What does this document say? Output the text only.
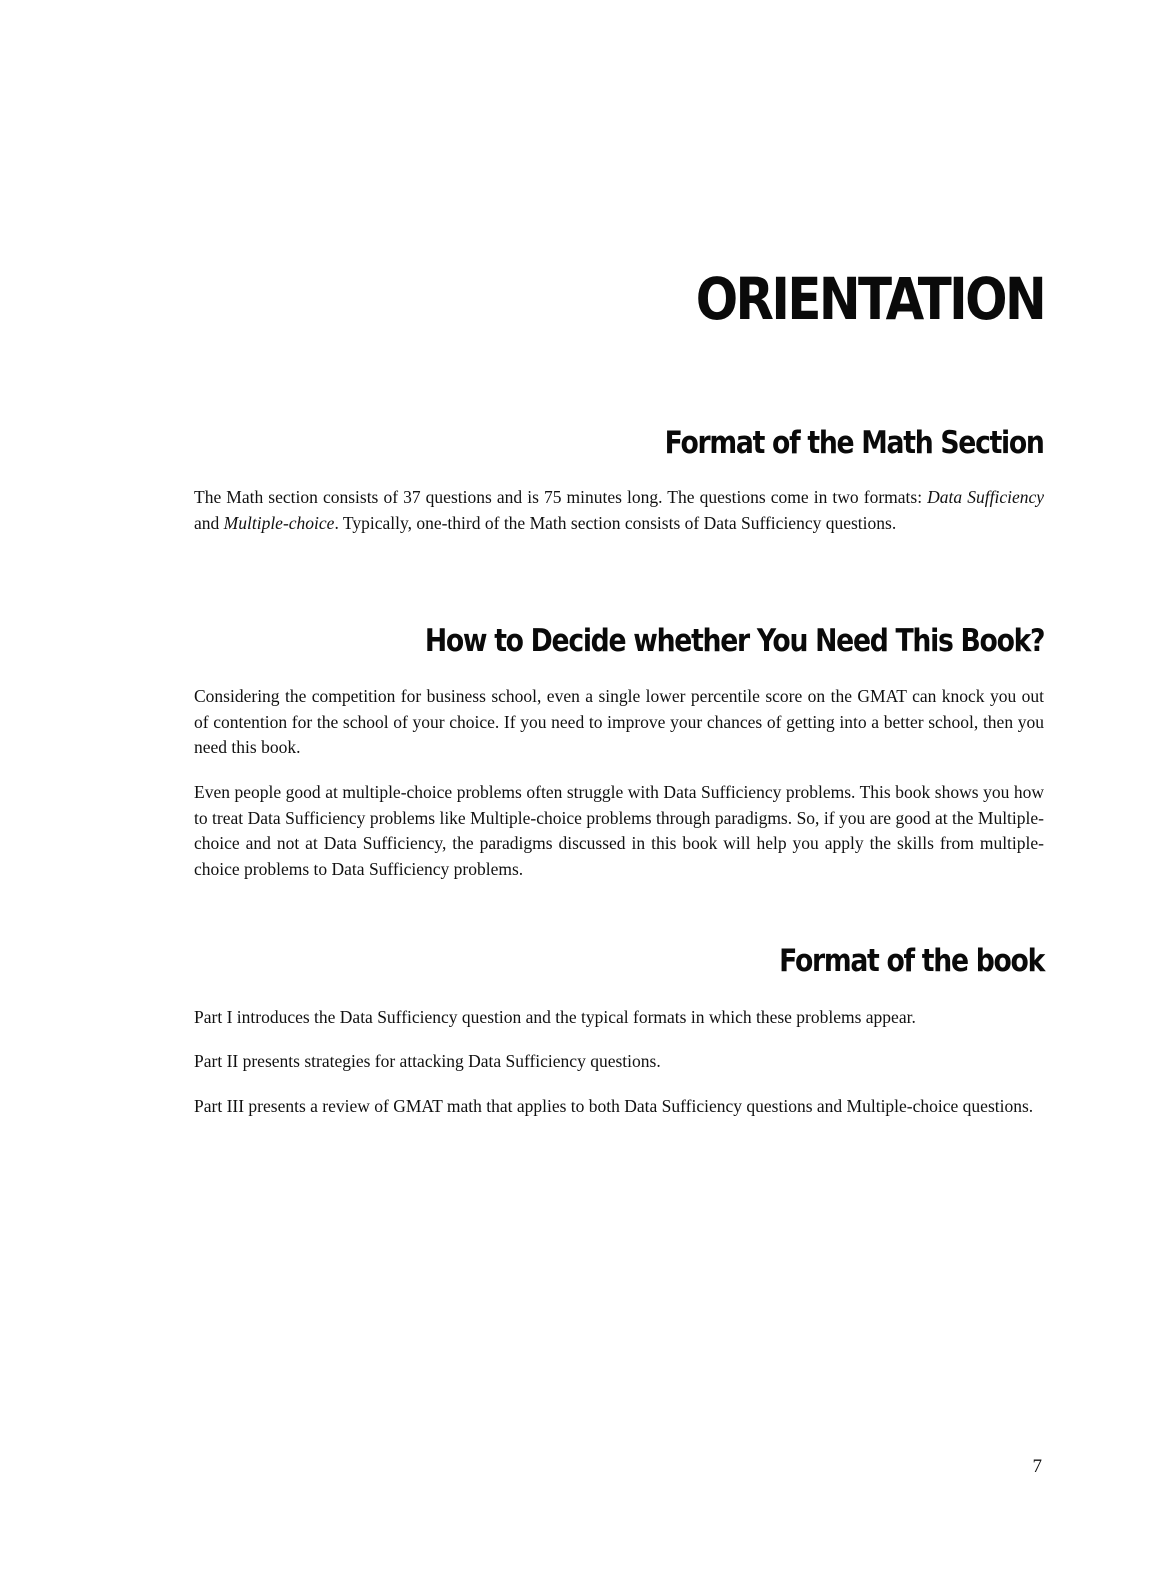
ORIENTATION
Format of the Math Section

The Math section consists of 37 questions and is 75 minutes long. The questions come in two formats: Data Sufficiency and Multiple-choice. Typically, one-third of the Math section consists of Data Sufficiency questions.

How to Decide whether You Need This Book?

Considering the competition for business school, even a single lower percentile score on the GMAT can knock you out of contention for the school of your choice. If you need to improve your chances of getting into a better school, then you need this book.

Even people good at multiple-choice problems often struggle with Data Sufficiency problems. This book shows you how to treat Data Sufficiency problems like Multiple-choice problems through paradigms. So, if you are good at the Multiple-choice and not at Data Sufficiency, the paradigms discussed in this book will help you apply the skills from multiple-choice problems to Data Sufficiency problems.

Format of the book

Part I introduces the Data Sufficiency question and the typical formats in which these problems appear.

Part II presents strategies for attacking Data Sufficiency questions.

Part III presents a review of GMAT math that applies to both Data Sufficiency questions and Multiple-choice questions.

7
